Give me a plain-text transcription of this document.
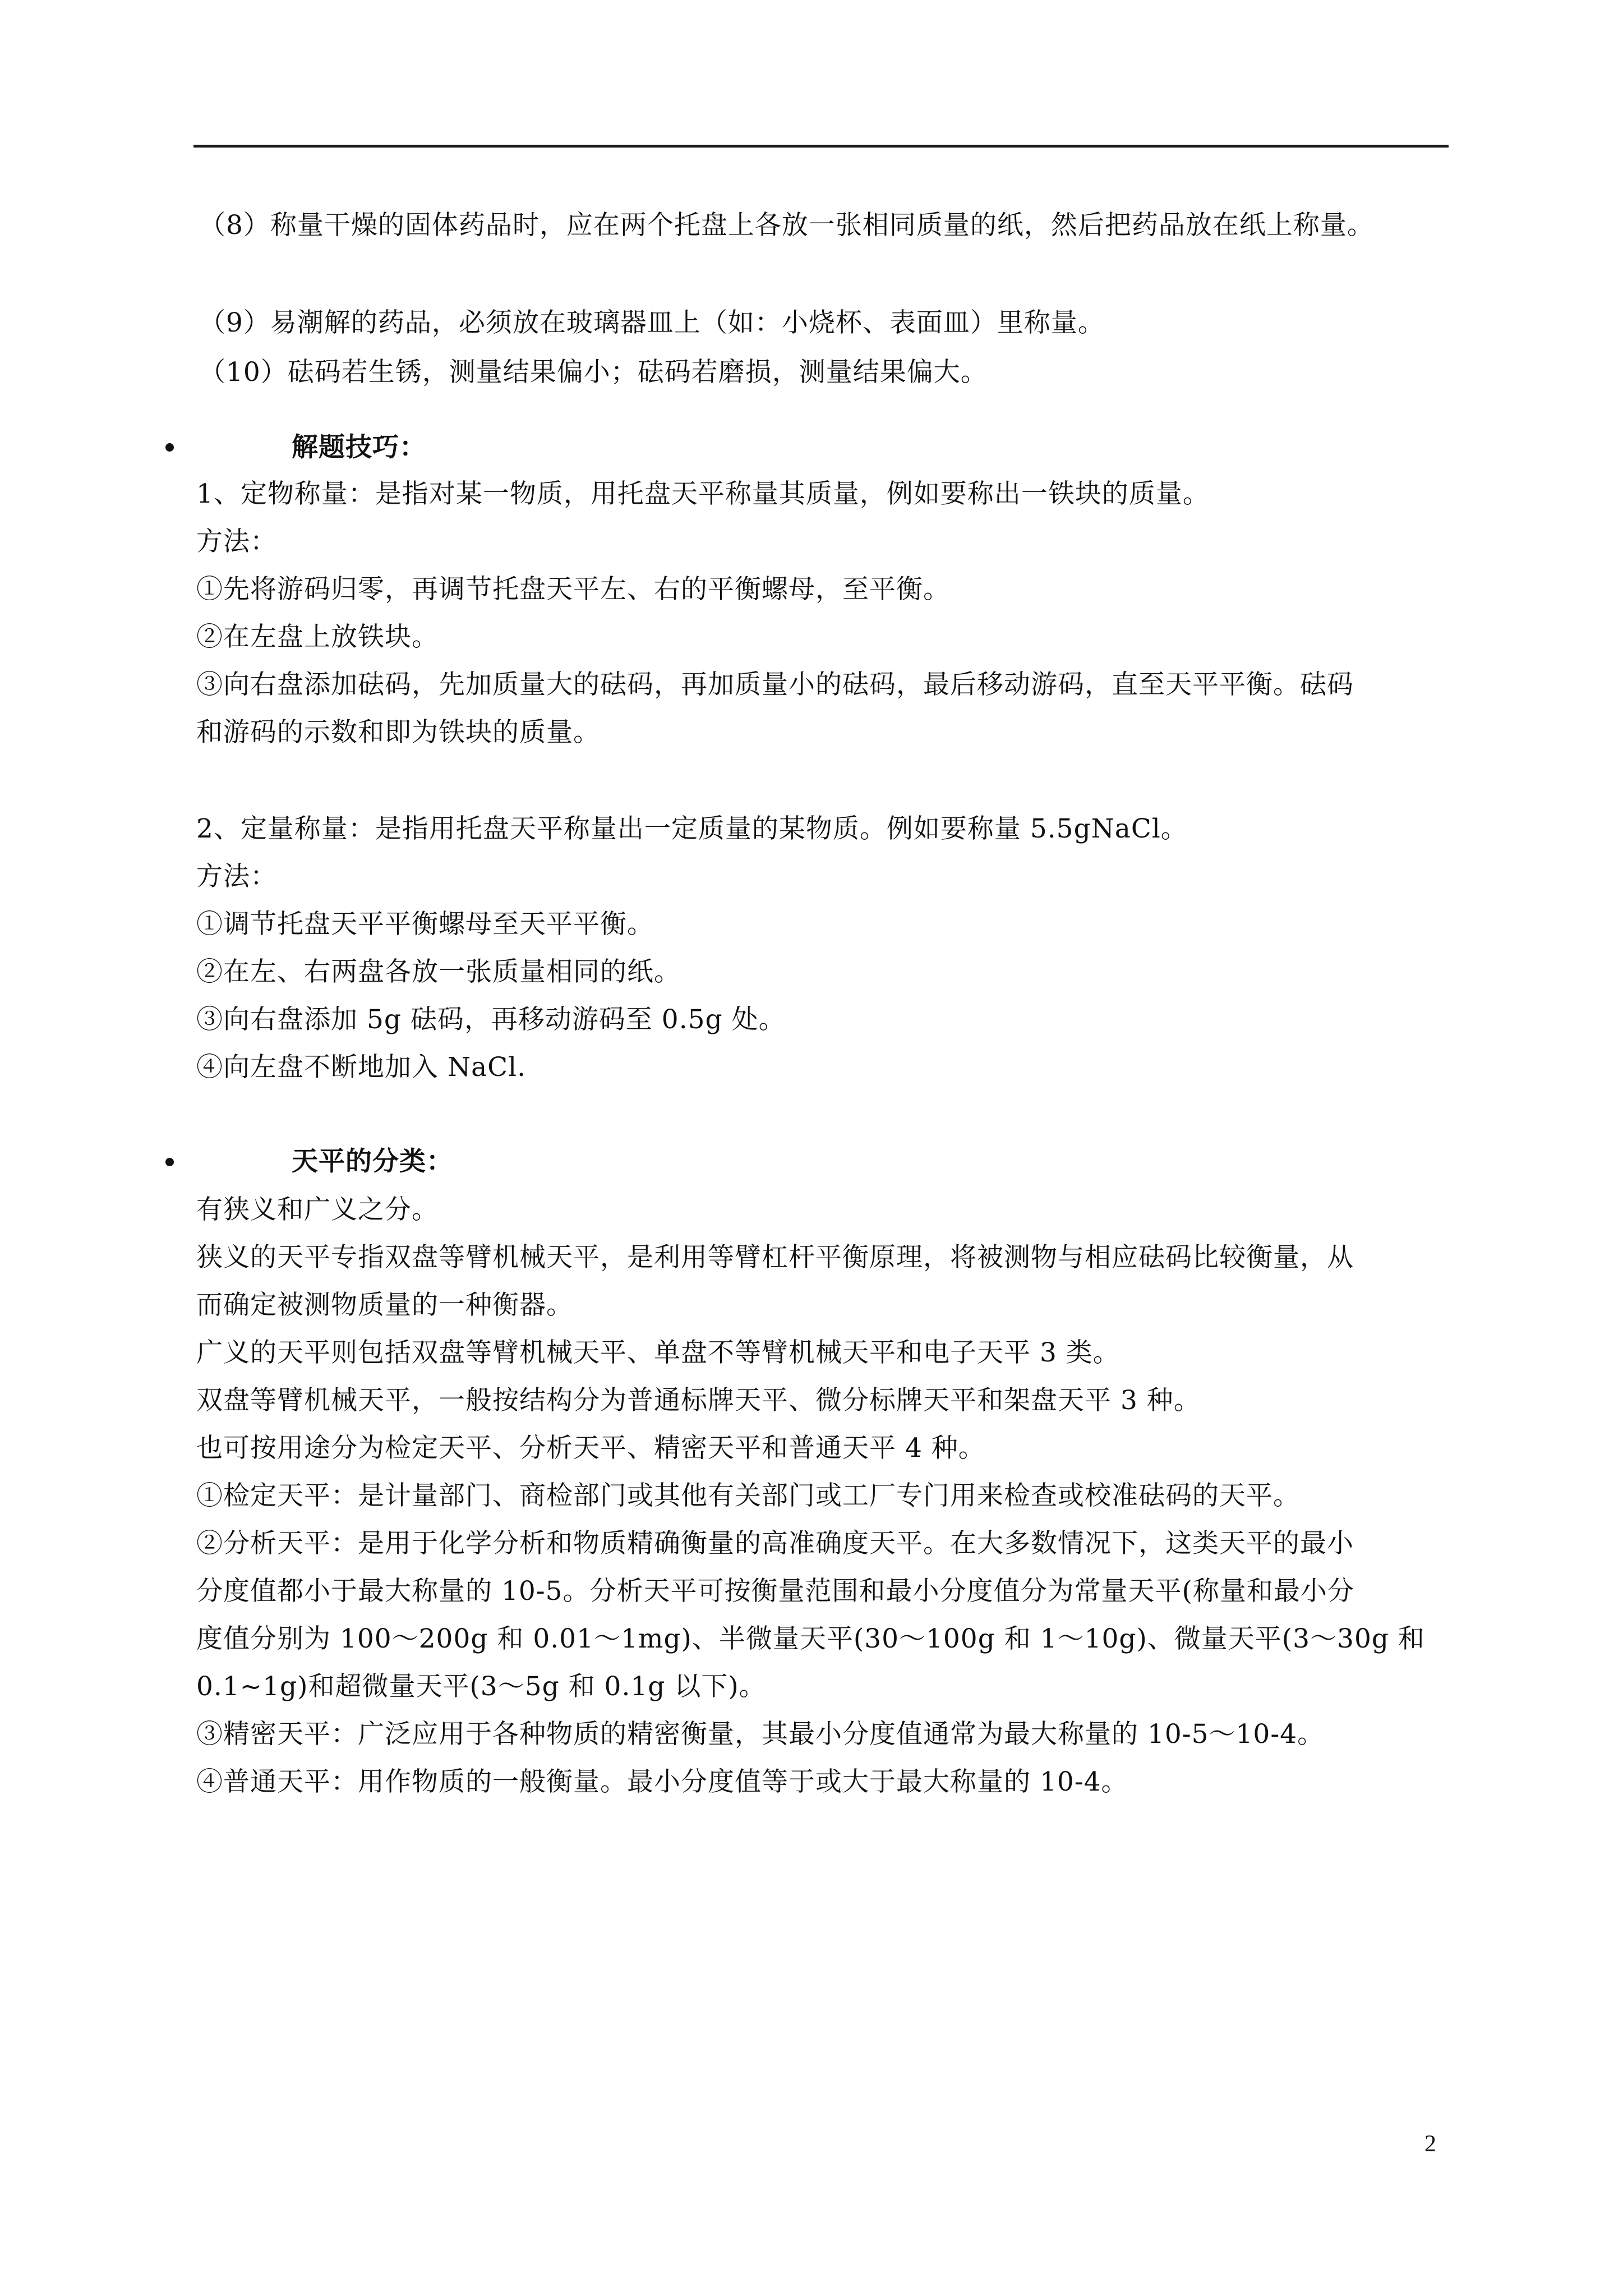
（8）称量干燥的固体药品时，应在两个托盘上各放一张相同质量的纸，然后把药品放在纸上称量。
（9）易潮解的药品，必须放在玻璃器皿上（如：小烧杯、表面皿）里称量。
（10）砝码若生锈，测量结果偏小；砝码若磨损，测量结果偏大。
解题技巧：
1、定物称量：是指对某一物质，用托盘天平称量其质量，例如要称出一铁块的质量。
方法：
①先将游码归零，再调节托盘天平左、右的平衡螺母，至平衡。
②在左盘上放铁块。
③向右盘添加砝码，先加质量大的砝码，再加质量小的砝码，最后移动游码，直至天平平衡。砝码
和游码的示数和即为铁块的质量。
2、定量称量：是指用托盘天平称量出一定质量的某物质。例如要称量 5.5gNaCl。
方法：
①调节托盘天平平衡螺母至天平平衡。
②在左、右两盘各放一张质量相同的纸。
③向右盘添加 5g 砝码，再移动游码至 0.5g 处。
④向左盘不断地加入 NaCl.
天平的分类：
有狭义和广义之分。
狭义的天平专指双盘等臂机械天平，是利用等臂杠杆平衡原理，将被测物与相应砝码比较衡量，从
而确定被测物质量的一种衡器。
广义的天平则包括双盘等臂机械天平、单盘不等臂机械天平和电子天平 3 类。
双盘等臂机械天平，一般按结构分为普通标牌天平、微分标牌天平和架盘天平 3 种。
也可按用途分为检定天平、分析天平、精密天平和普通天平 4 种。
①检定天平：是计量部门、商检部门或其他有关部门或工厂专门用来检查或校准砝码的天平。
②分析天平：是用于化学分析和物质精确衡量的高准确度天平。在大多数情况下，这类天平的最小
分度值都小于最大称量的 10-5。分析天平可按衡量范围和最小分度值分为常量天平(称量和最小分
度值分别为 100～200g 和 0.01～1mg)、半微量天平(30～100g 和 1～10g)、微量天平(3～30g 和
0.1~1g)和超微量天平(3～5g 和 0.1g 以下)。
③精密天平：广泛应用于各种物质的精密衡量，其最小分度值通常为最大称量的 10-5～10-4。
④普通天平：用作物质的一般衡量。最小分度值等于或大于最大称量的 10-4。
2
